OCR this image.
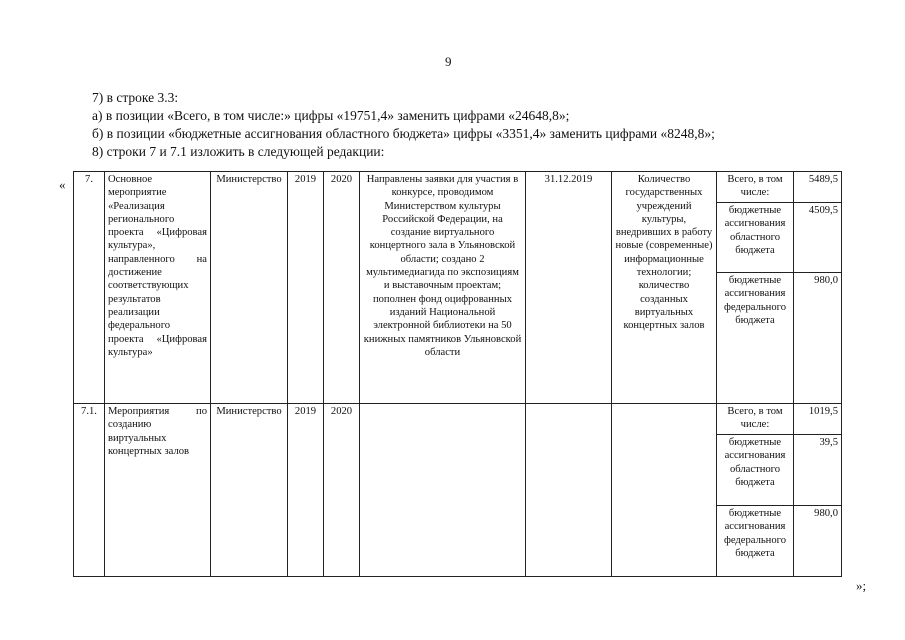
9
7) в строке 3.3:
а) в позиции «Всего, в том числе:» цифры «19751,4» заменить цифрами «24648,8»;
б) в позиции «бюджетные ассигнования областного бюджета» цифры «3351,4» заменить цифрами «8248,8»;
8) строки 7 и 7.1 изложить в следующей редакции:
« 7.	Основное мероприятие «Реализация регионального проекта «Цифровая культура», направленного на достижение соответствующих результатов реализации федерального проекта «Цифровая культура»	Министерство	2019	2020	Направлены заявки для участия в конкурсе, проводимом Министерством культуры Российской Федерации, на создание виртуального концертного зала в Ульяновской области; создано 2 мультимедиагида по экспозициям и выставочным проектам; пополнен фонд оцифрованных изданий Национальной электронной библиотеки на 50 книжных памятников Ульяновской области	31.12.2019	Количество государственных учреждений культуры, внедривших в работу новые (современные) информационные технологии; количество созданных виртуальных концертных залов	Всего, в том числе:	5489,5
								бюджетные ассигнования областного бюджета	4509,5
								бюджетные ассигнования федерального бюджета	980,0
7.1.	Мероприятия по созданию виртуальных концертных залов	Министерство	2019	2020				Всего, в том числе:	1019,5
								бюджетные ассигнования областного бюджета	39,5
								бюджетные ассигнования федерального бюджета	980,0
»;
